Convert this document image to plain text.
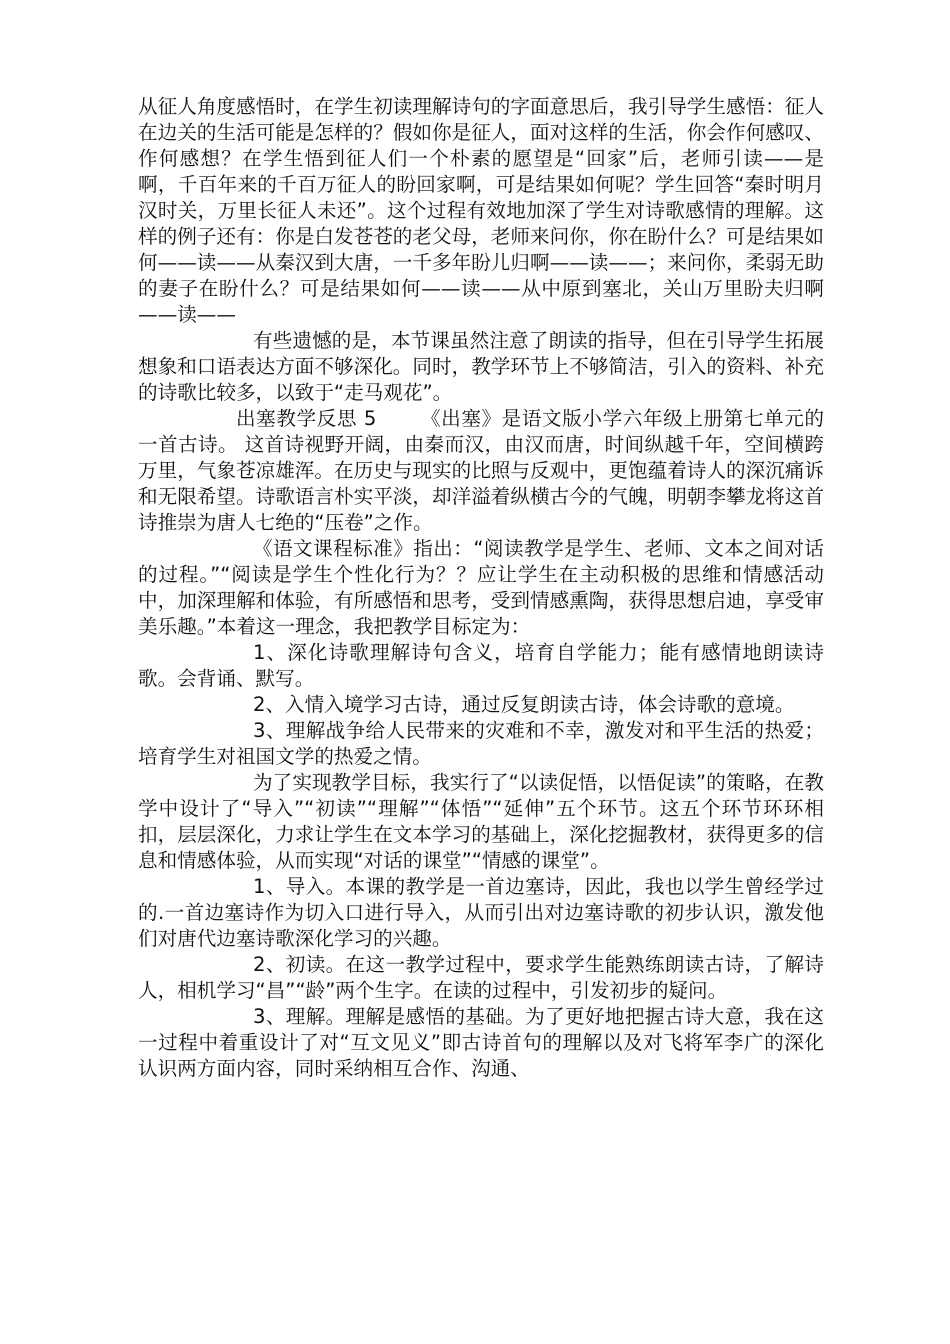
从征人角度感悟时，在学生初读理解诗句的字面意思后，我引导学生感悟：征人在边关的生活可能是怎样的？假如你是征人，面对这样的生活，你会作何感叹、作何感想？在学生悟到征人们一个朴素的愿望是“回家”后，老师引读——是啊，千百年来的千百万征人的盼回家啊，可是结果如何呢？学生回答“秦时明月汉时关，万里长征人未还”。这个过程有效地加深了学生对诗歌感情的理解。这样的例子还有：你是白发苍苍的老父母，老师来问你，你在盼什么？可是结果如何——读——从秦汉到大唐，一千多年盼儿归啊——读——；来问你，柔弱无助的妻子在盼什么？可是结果如何——读——从中原到塞北，关山万里盼夫归啊——读——

有些遗憾的是，本节课虽然注意了朗读的指导，但在引导学生拓展想象和口语表达方面不够深化。同时，教学环节上不够简洁，引入的资料、补充的诗歌比较多，以致于“走马观花”。

出塞教学反思 5 《出塞》是语文版小学六年级上册第七单元的一首古诗。 这首诗视野开阔，由秦而汉，由汉而唐，时间纵越千年，空间横跨万里，气象苍凉雄浑。在历史与现实的比照与反观中，更饱蕴着诗人的深沉痛诉和无限希望。诗歌语言朴实平淡，却洋溢着纵横古今的气魄，明朝李攀龙将这首诗推崇为唐人七绝的“压卷”之作。

《语文课程标准》指出：“阅读教学是学生、老师、文本之间对话的过程。”“阅读是学生个性化行为？？应让学生在主动积极的思维和情感活动中，加深理解和体验，有所感悟和思考，受到情感熏陶，获得思想启迪，享受审美乐趣。”本着这一理念，我把教学目标定为：

1、深化诗歌理解诗句含义，培育自学能力；能有感情地朗读诗歌。会背诵、默写。

2、入情入境学习古诗，通过反复朗读古诗，体会诗歌的意境。

3、理解战争给人民带来的灾难和不幸，激发对和平生活的热爱；培育学生对祖国文学的热爱之情。

为了实现教学目标，我实行了“以读促悟，以悟促读”的策略，在教学中设计了“导入”“初读”“理解”“体悟”“延伸”五个环节。这五个环节环环相扣，层层深化，力求让学生在文本学习的基础上，深化挖掘教材，获得更多的信息和情感体验，从而实现“对话的课堂”“情感的课堂”。

1、导入。本课的教学是一首边塞诗，因此，我也以学生曾经学过的.一首边塞诗作为切入口进行导入，从而引出对边塞诗歌的初步认识，激发他们对唐代边塞诗歌深化学习的兴趣。

2、初读。在这一教学过程中，要求学生能熟练朗读古诗，了解诗人，相机学习“昌”“龄”两个生字。在读的过程中，引发初步的疑问。

3、理解。理解是感悟的基础。为了更好地把握古诗大意，我在这一过程中着重设计了对“互文见义”即古诗首句的理解以及对飞将军李广的深化认识两方面内容，同时采纳相互合作、沟通、
